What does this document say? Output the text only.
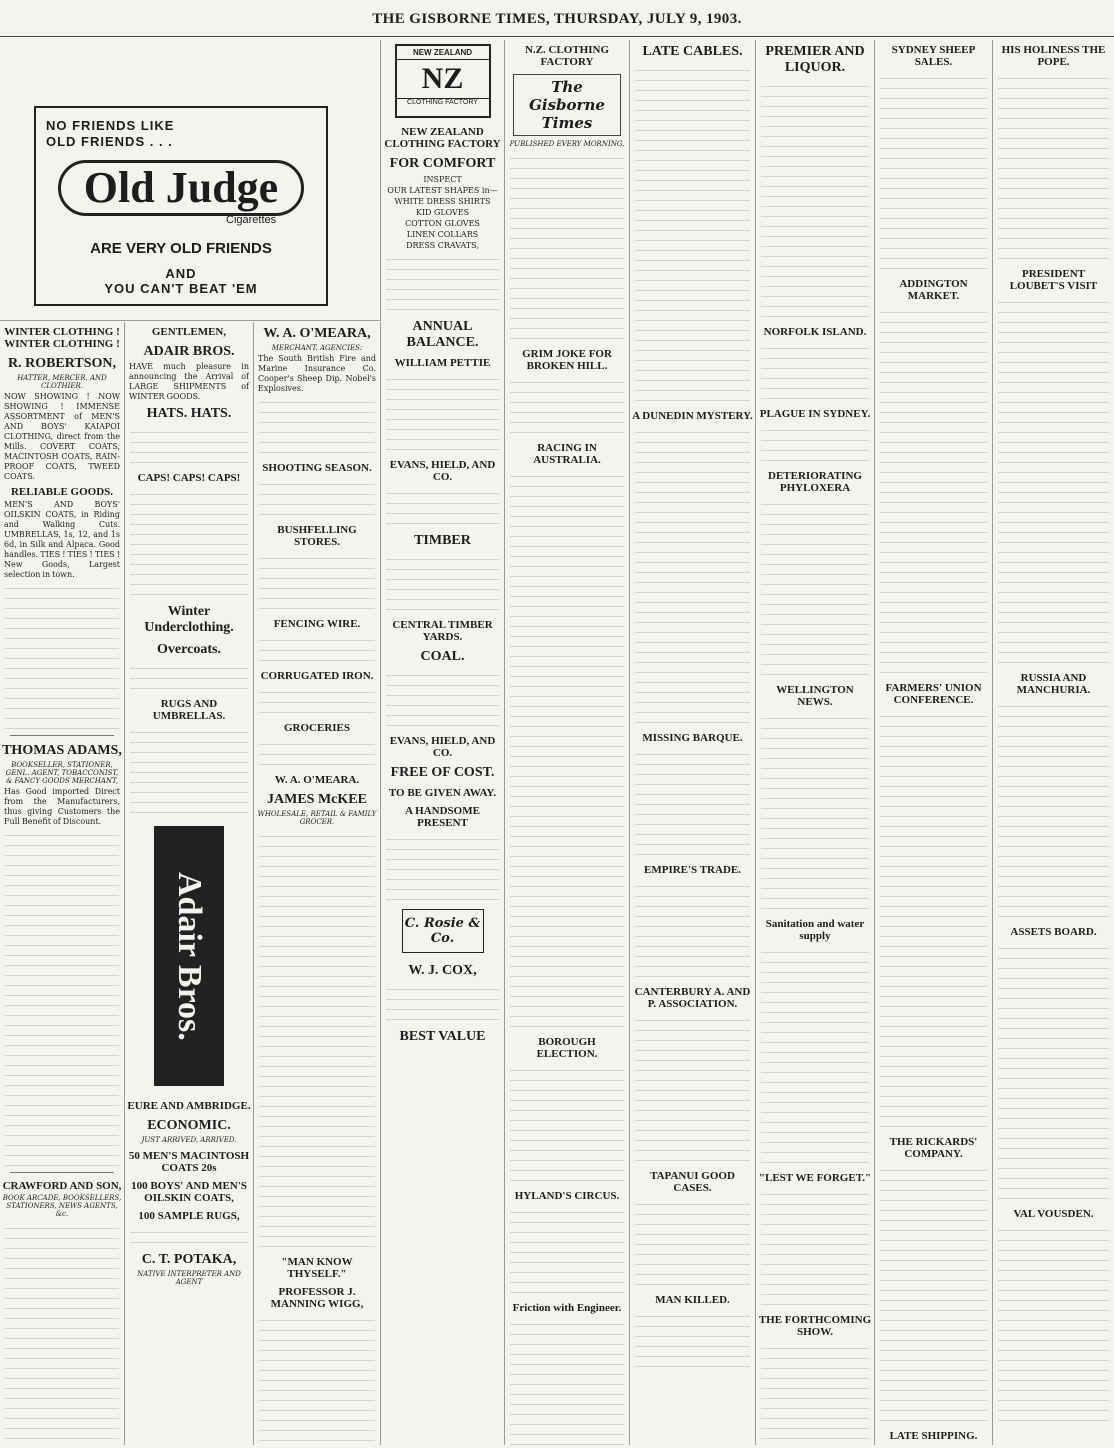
THE GISBORNE TIMES, THURSDAY, JULY 9, 1903.
NO FRIENDS LIKE
OLD FRIENDS . . .
Old Judge
Cigarettes
ARE VERY OLD FRIENDS
AND
YOU CAN'T BEAT 'EM
WINTER CLOTHING ! WINTER CLOTHING !
R. ROBERTSON,
HATTER, MERCER, AND CLOTHIER.
NOW SHOWING ! NOW SHOWING ! IMMENSE ASSORTMENT of MEN'S AND BOYS' KAIAPOI CLOTHING, direct from the Mills. COVERT COATS, MACINTOSH COATS, RAIN-PROOF COATS, TWEED COATS.
RELIABLE GOODS.
MEN'S AND BOYS' OILSKIN COATS, in Riding and Walking Cuts. UMBRELLAS, 1s, 12, and 1s 6d, in Silk and Alpaca. Good handles. TIES ! TIES ! TIES ! New Goods, Largest selection in town.
THOMAS ADAMS,
BOOKSELLER, STATIONER, GENL. AGENT, TOBACCONIST, & FANCY GOODS MERCHANT,
Has Good imported Direct from the Manufacturers, thus giving Customers the Full Benefit of Discount.
CRAWFORD AND SON,
BOOK ARCADE, BOOKSELLERS, STATIONERS, NEWS AGENTS, &c.
GENTLEMEN,
ADAIR BROS.
HAVE much pleasure in announcing the Arrival of LARGE SHIPMENTS of WINTER GOODS.
HATS. HATS.
CAPS! CAPS! CAPS!
Winter Underclothing.
Overcoats.
RUGS AND UMBRELLAS.
Adair Bros.
EURE AND AMBRIDGE.
ECONOMIC.
JUST ARRIVED, ARRIVED.
50 MEN'S MACINTOSH COATS 20s
100 BOYS' AND MEN'S OILSKIN COATS,
100 SAMPLE RUGS,
C. T. POTAKA,
NATIVE INTERPRETER AND AGENT
W. A. O'MEARA,
MERCHANT, AGENCIES:
The South British Fire and Marine Insurance Co. Cooper's Sheep Dip. Nobel's Explosives.
SHOOTING SEASON.
BUSHFELLING STORES.
FENCING WIRE.
CORRUGATED IRON.
GROCERIES
W. A. O'MEARA.
JAMES McKEE
WHOLESALE, RETAIL & FAMILY GROCER.
"MAN KNOW THYSELF."
PROFESSOR J. MANNING WIGG,
NEW ZEALAND
NZ
CLOTHING FACTORY
NEW ZEALAND CLOTHING FACTORY
FOR COMFORT
INSPECT
OUR LATEST SHAPES in—
WHITE DRESS SHIRTS
KID GLOVES
COTTON GLOVES
LINEN COLLARS
DRESS CRAVATS,
ANNUAL BALANCE.
WILLIAM PETTIE
EVANS, HIELD, AND CO.
TIMBER
CENTRAL TIMBER YARDS.
COAL.
EVANS, HIELD, AND CO.
FREE OF COST.
TO BE GIVEN AWAY.
A HANDSOME PRESENT
C. Rosie & Co.
W. J. COX,
BEST VALUE
N.Z. CLOTHING FACTORY
The Gisborne Times
PUBLISHED EVERY MORNING.
GRIM JOKE FOR BROKEN HILL.
RACING IN AUSTRALIA.
BOROUGH ELECTION.
HYLAND'S CIRCUS.
Friction with Engineer.
LATE CABLES.
A DUNEDIN MYSTERY.
MISSING BARQUE.
EMPIRE'S TRADE.
CANTERBURY A. AND P. ASSOCIATION.
TAPANUI GOOD CASES.
MAN KILLED.
PREMIER AND LIQUOR.
NORFOLK ISLAND.
PLAGUE IN SYDNEY.
DETERIORATING PHYLOXERA
WELLINGTON NEWS.
Sanitation and water supply
"LEST WE FORGET."
THE FORTHCOMING SHOW.
SYDNEY SHEEP SALES.
ADDINGTON MARKET.
FARMERS' UNION CONFERENCE.
THE RICKARDS' COMPANY.
LATE SHIPPING.
HIS HOLINESS THE POPE.
PRESIDENT LOUBET'S VISIT
RUSSIA AND MANCHURIA.
ASSETS BOARD.
VAL VOUSDEN.
